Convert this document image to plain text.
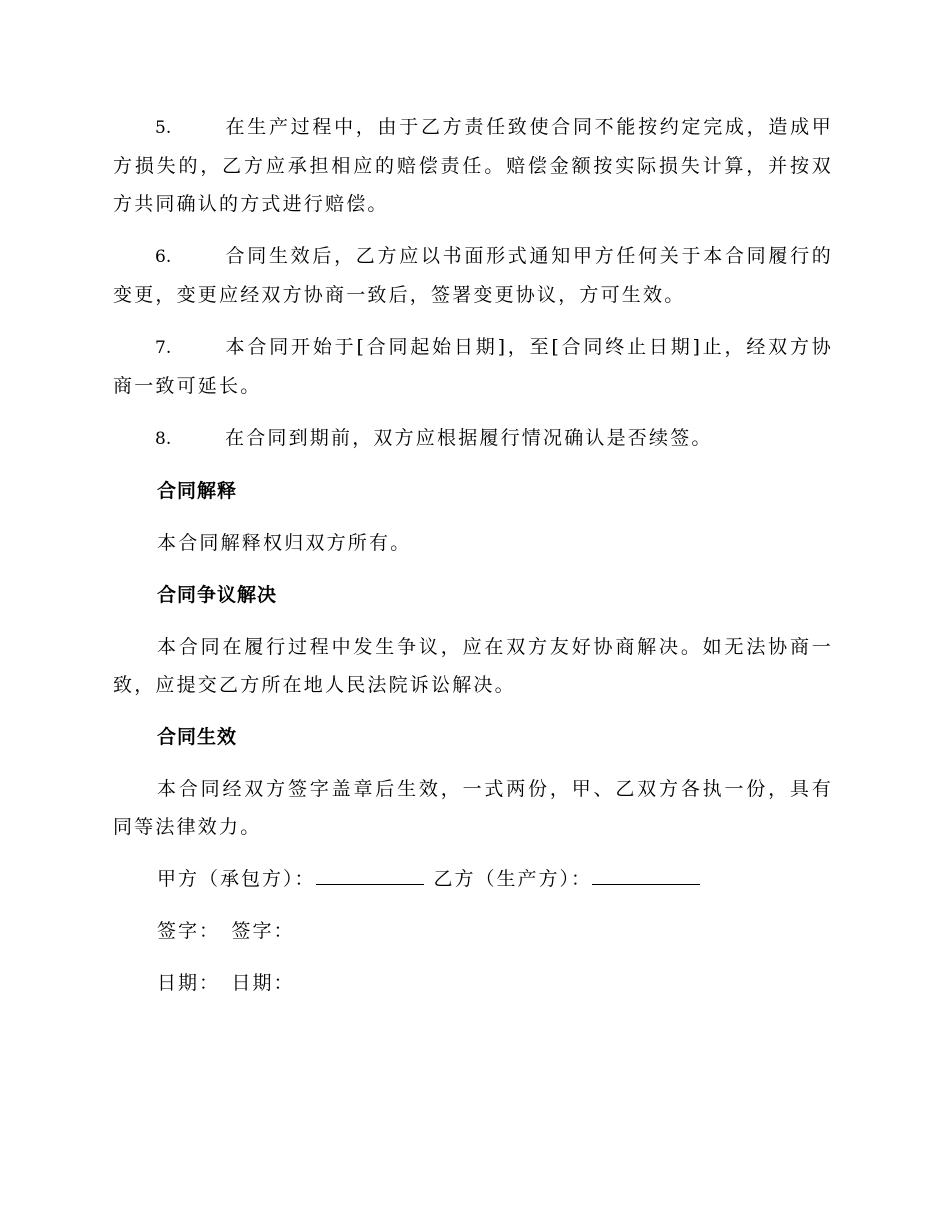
5.	在生产过程中，由于乙方责任致使合同不能按约定完成，造成甲方损失的，乙方应承担相应的赔偿责任。赔偿金额按实际损失计算，并按双方共同确认的方式进行赔偿。

6.	合同生效后，乙方应以书面形式通知甲方任何关于本合同履行的变更，变更应经双方协商一致后，签署变更协议，方可生效。

7.	本合同开始于[合同起始日期]，至[合同终止日期]止，经双方协商一致可延长。

8.	在合同到期前，双方应根据履行情况确认是否续签。

合同解释

本合同解释权归双方所有。

合同争议解决

本合同在履行过程中发生争议，应在双方友好协商解决。如无法协商一致，应提交乙方所在地人民法院诉讼解决。

合同生效

本合同经双方签字盖章后生效，一式两份，甲、乙双方各执一份，具有同等法律效力。

甲方（承包方）：	乙方（生产方）：
签字：　签字：
日期：　日期：
